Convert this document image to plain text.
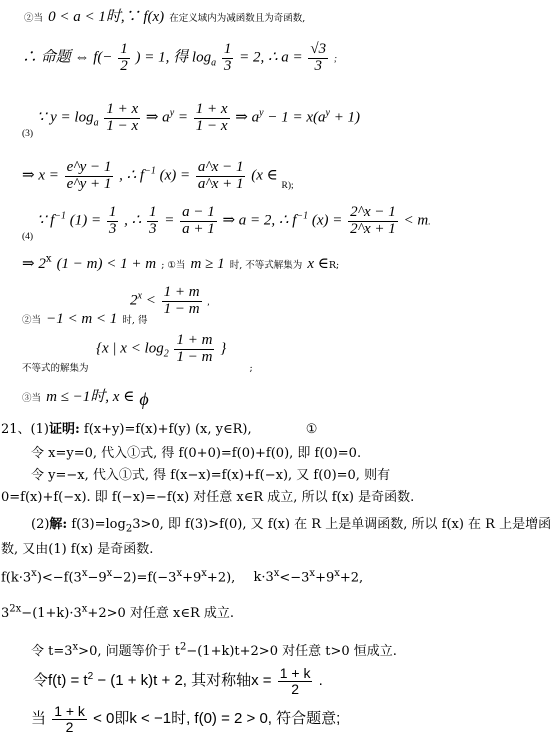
②当 0 < a < 1时,∵ f(x) 在定义域内为减函数且为奇函数,
∴ 命题 ⇔ $f(- \frac{1}{2}$ ) = 1, 得 $\log_a \frac{1}{3} = 2$, ∴ $a = \frac{√3}{3}$ ;
$_{(3)}$ ∵ $y = \log_a \frac{1 + x}{1 - x}$ ⇒ $a^y = \frac{1 + x}{1 - x}$ ⇒ $a^y - 1 = x(a^y + 1)$
⇒ $x = \frac{e\^{}y - 1}{e\^{}y + 1}$ , ∴ $f^{-1}$ $(x) = \frac{a\^{}x - 1}{a\^{}x + 1} (x$ ∈ $_{R);}$
$_{(4)}$ ∵ $f^{-1}$ $(1) = \frac{1}{3}$ , ∴ $\frac{1}{3} = \frac{a - 1}{a + 1}$ ⇒ a = 2, ∴ $f^{-1}$ $(x) = \frac{2\^{}x - 1}{2\^{}x + 1} < m$.
⇒ 2$^x$ (1 − m) < 1 + m ; ①当 m ≥ 1 时, 不等式解集为 x ∈R;
$2^x < \frac{1 + m}{1 - m}$ ,
②当 −1 < m < 1 时, 得
{x | $x < \log_2 \frac{1 + m}{1 - m}$ }
不等式的解集为	;
③当 m ≤ −1时, x ∈ ϕ
21、(1)证明: f(x+y)=f(x)+f(y) (x, y∈R),	①
令 x=y=0, 代入①式, 得 f(0+0)=f(0)+f(0), 即 f(0)=0.
令 y=−x, 代入①式, 得 f(x−x)=f(x)+f(−x), 又 f(0)=0, 则有
0=f(x)+f(−x). 即 f(−x)=−f(x) 对任意 x∈R 成立, 所以 f(x) 是奇函数.
(2)解: $f(3)=\log_23>0$, 即 f(3)>f(0), 又 f(x) 在 R 上是单调函数, 所以 f(x) 在 R 上是增函
数, 又由(1) f(x) 是奇函数.
$f(k\cdot 3^x)<-f(3^x-9^x-2)=f(-3^x+9^x+2)$, $k\cdot 3^x<-3^x+9^x+2$,
$3^{2x}-(1+k)\cdot 3^x+2>0$ 对任意 x∈R 成立.
令 $t=3^x>0$, 问题等价于 $t^2-(1+k)t+2>0$ 对任意 t>0 恒成立.
令$f(t) = t^2 - (1 + k)t + 2$, 其对称轴$x = \frac{1 + k}{2}$ .
当 $\frac{1 + k}{2} < 0$即k < −1时, f(0) = 2 > 0, 符合题意;
